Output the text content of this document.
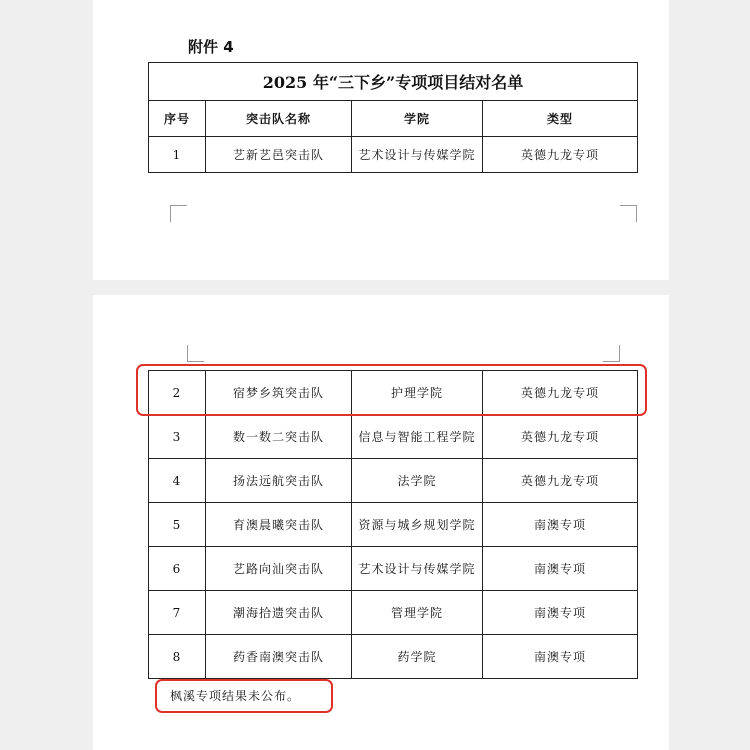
附件 4
2025 年“三下乡”专项项目结对名单			
序号	突击队名称	学院	类型
1	艺新艺邑突击队	艺术设计与传媒学院	英德九龙专项
2	宿梦乡筑突击队	护理学院	英德九龙专项
3	数一数二突击队	信息与智能工程学院	英德九龙专项
4	扬法远航突击队	法学院	英德九龙专项
5	育澳晨曦突击队	资源与城乡规划学院	南澳专项
6	艺路向汕突击队	艺术设计与传媒学院	南澳专项
7	潮海拾遗突击队	管理学院	南澳专项
8	药香南澳突击队	药学院	南澳专项
枫溪专项结果未公布。
